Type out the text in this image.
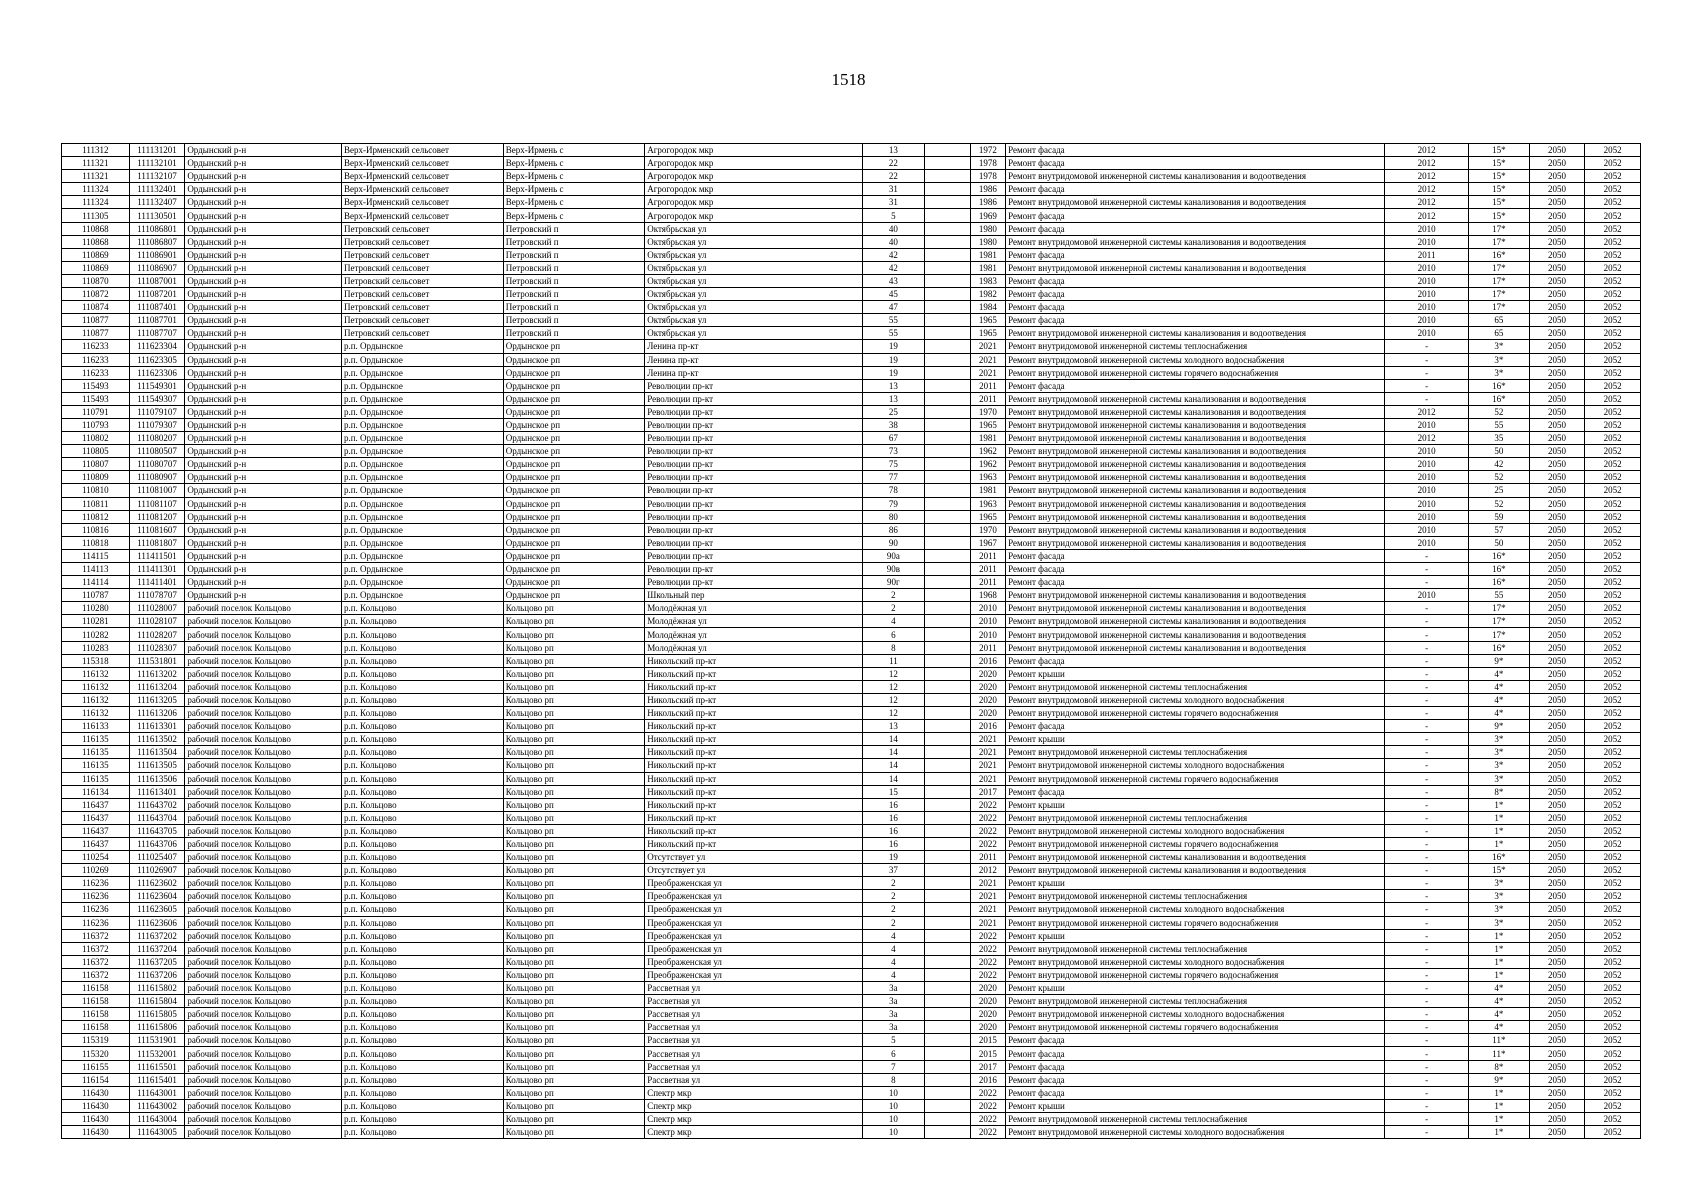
1518
111312	111131201	Ордынский р-н	Верх-Ирменский сельсовет	Верх-Ирмень с	Агрогородок мкр	13		1972	Ремонт фасада	2012	15*	2050	2052
111321	111132101	Ордынский р-н	Верх-Ирменский сельсовет	Верх-Ирмень с	Агрогородок мкр	22		1978	Ремонт фасада	2012	15*	2050	2052
111321	111132107	Ордынский р-н	Верх-Ирменский сельсовет	Верх-Ирмень с	Агрогородок мкр	22		1978	Ремонт внутридомовой инженерной системы канализования и водоотведения	2012	15*	2050	2052
111324	111132401	Ордынский р-н	Верх-Ирменский сельсовет	Верх-Ирмень с	Агрогородок мкр	31		1986	Ремонт фасада	2012	15*	2050	2052
111324	111132407	Ордынский р-н	Верх-Ирменский сельсовет	Верх-Ирмень с	Агрогородок мкр	31		1986	Ремонт внутридомовой инженерной системы канализования и водоотведения	2012	15*	2050	2052
111305	111130501	Ордынский р-н	Верх-Ирменский сельсовет	Верх-Ирмень с	Агрогородок мкр	5		1969	Ремонт фасада	2012	15*	2050	2052
110868	111086801	Ордынский р-н	Петровский сельсовет	Петровский п	Октябрьская ул	40		1980	Ремонт фасада	2010	17*	2050	2052
110868	111086807	Ордынский р-н	Петровский сельсовет	Петровский п	Октябрьская ул	40		1980	Ремонт внутридомовой инженерной системы канализования и водоотведения	2010	17*	2050	2052
110869	111086901	Ордынский р-н	Петровский сельсовет	Петровский п	Октябрьская ул	42		1981	Ремонт фасада	2011	16*	2050	2052
110869	111086907	Ордынский р-н	Петровский сельсовет	Петровский п	Октябрьская ул	42		1981	Ремонт внутридомовой инженерной системы канализования и водоотведения	2010	17*	2050	2052
110870	111087001	Ордынский р-н	Петровский сельсовет	Петровский п	Октябрьская ул	43		1983	Ремонт фасада	2010	17*	2050	2052
110872	111087201	Ордынский р-н	Петровский сельсовет	Петровский п	Октябрьская ул	45		1982	Ремонт фасада	2010	17*	2050	2052
110874	111087401	Ордынский р-н	Петровский сельсовет	Петровский п	Октябрьская ул	47		1984	Ремонт фасада	2010	17*	2050	2052
110877	111087701	Ордынский р-н	Петровский сельсовет	Петровский п	Октябрьская ул	55		1965	Ремонт фасада	2010	65	2050	2052
110877	111087707	Ордынский р-н	Петровский сельсовет	Петровский п	Октябрьская ул	55		1965	Ремонт внутридомовой инженерной системы канализования и водоотведения	2010	65	2050	2052
116233	111623304	Ордынский р-н	р.п. Ордынское	Ордынское рп	Ленина пр-кт	19		2021	Ремонт внутридомовой инженерной системы теплоснабжения	-	3*	2050	2052
116233	111623305	Ордынский р-н	р.п. Ордынское	Ордынское рп	Ленина пр-кт	19		2021	Ремонт внутридомовой инженерной системы холодного водоснабжения	-	3*	2050	2052
116233	111623306	Ордынский р-н	р.п. Ордынское	Ордынское рп	Ленина пр-кт	19		2021	Ремонт внутридомовой инженерной системы горячего водоснабжения	-	3*	2050	2052
115493	111549301	Ордынский р-н	р.п. Ордынское	Ордынское рп	Революции пр-кт	13		2011	Ремонт фасада	-	16*	2050	2052
115493	111549307	Ордынский р-н	р.п. Ордынское	Ордынское рп	Революции пр-кт	13		2011	Ремонт внутридомовой инженерной системы канализования и водоотведения	-	16*	2050	2052
110791	111079107	Ордынский р-н	р.п. Ордынское	Ордынское рп	Революции пр-кт	25		1970	Ремонт внутридомовой инженерной системы канализования и водоотведения	2012	52	2050	2052
110793	111079307	Ордынский р-н	р.п. Ордынское	Ордынское рп	Революции пр-кт	38		1965	Ремонт внутридомовой инженерной системы канализования и водоотведения	2010	55	2050	2052
110802	111080207	Ордынский р-н	р.п. Ордынское	Ордынское рп	Революции пр-кт	67		1981	Ремонт внутридомовой инженерной системы канализования и водоотведения	2012	35	2050	2052
110805	111080507	Ордынский р-н	р.п. Ордынское	Ордынское рп	Революции пр-кт	73		1962	Ремонт внутридомовой инженерной системы канализования и водоотведения	2010	50	2050	2052
110807	111080707	Ордынский р-н	р.п. Ордынское	Ордынское рп	Революции пр-кт	75		1962	Ремонт внутридомовой инженерной системы канализования и водоотведения	2010	42	2050	2052
110809	111080907	Ордынский р-н	р.п. Ордынское	Ордынское рп	Революции пр-кт	77		1963	Ремонт внутридомовой инженерной системы канализования и водоотведения	2010	52	2050	2052
110810	111081007	Ордынский р-н	р.п. Ордынское	Ордынское рп	Революции пр-кт	78		1981	Ремонт внутридомовой инженерной системы канализования и водоотведения	2010	25	2050	2052
110811	111081107	Ордынский р-н	р.п. Ордынское	Ордынское рп	Революции пр-кт	79		1963	Ремонт внутридомовой инженерной системы канализования и водоотведения	2010	52	2050	2052
110812	111081207	Ордынский р-н	р.п. Ордынское	Ордынское рп	Революции пр-кт	80		1965	Ремонт внутридомовой инженерной системы канализования и водоотведения	2010	59	2050	2052
110816	111081607	Ордынский р-н	р.п. Ордынское	Ордынское рп	Революции пр-кт	86		1970	Ремонт внутридомовой инженерной системы канализования и водоотведения	2010	57	2050	2052
110818	111081807	Ордынский р-н	р.п. Ордынское	Ордынское рп	Революции пр-кт	90		1967	Ремонт внутридомовой инженерной системы канализования и водоотведения	2010	50	2050	2052
114115	111411501	Ордынский р-н	р.п. Ордынское	Ордынское рп	Революции пр-кт	90а		2011	Ремонт фасада	-	16*	2050	2052
114113	111411301	Ордынский р-н	р.п. Ордынское	Ордынское рп	Революции пр-кт	90в		2011	Ремонт фасада	-	16*	2050	2052
114114	111411401	Ордынский р-н	р.п. Ордынское	Ордынское рп	Революции пр-кт	90г		2011	Ремонт фасада	-	16*	2050	2052
110787	111078707	Ордынский р-н	р.п. Ордынское	Ордынское рп	Школьный пер	2		1968	Ремонт внутридомовой инженерной системы канализования и водоотведения	2010	55	2050	2052
110280	111028007	рабочий поселок Кольцово	р.п. Кольцово	Кольцово рп	Молодёжная ул	2		2010	Ремонт внутридомовой инженерной системы канализования и водоотведения	-	17*	2050	2052
110281	111028107	рабочий поселок Кольцово	р.п. Кольцово	Кольцово рп	Молодёжная ул	4		2010	Ремонт внутридомовой инженерной системы канализования и водоотведения	-	17*	2050	2052
110282	111028207	рабочий поселок Кольцово	р.п. Кольцово	Кольцово рп	Молодёжная ул	6		2010	Ремонт внутридомовой инженерной системы канализования и водоотведения	-	17*	2050	2052
110283	111028307	рабочий поселок Кольцово	р.п. Кольцово	Кольцово рп	Молодёжная ул	8		2011	Ремонт внутридомовой инженерной системы канализования и водоотведения	-	16*	2050	2052
115318	111531801	рабочий поселок Кольцово	р.п. Кольцово	Кольцово рп	Никольский пр-кт	11		2016	Ремонт фасада	-	9*	2050	2052
116132	111613202	рабочий поселок Кольцово	р.п. Кольцово	Кольцово рп	Никольский пр-кт	12		2020	Ремонт крыши	-	4*	2050	2052
116132	111613204	рабочий поселок Кольцово	р.п. Кольцово	Кольцово рп	Никольский пр-кт	12		2020	Ремонт внутридомовой инженерной системы теплоснабжения	-	4*	2050	2052
116132	111613205	рабочий поселок Кольцово	р.п. Кольцово	Кольцово рп	Никольский пр-кт	12		2020	Ремонт внутридомовой инженерной системы холодного водоснабжения	-	4*	2050	2052
116132	111613206	рабочий поселок Кольцово	р.п. Кольцово	Кольцово рп	Никольский пр-кт	12		2020	Ремонт внутридомовой инженерной системы горячего водоснабжения	-	4*	2050	2052
116133	111613301	рабочий поселок Кольцово	р.п. Кольцово	Кольцово рп	Никольский пр-кт	13		2016	Ремонт фасада	-	9*	2050	2052
116135	111613502	рабочий поселок Кольцово	р.п. Кольцово	Кольцово рп	Никольский пр-кт	14		2021	Ремонт крыши	-	3*	2050	2052
116135	111613504	рабочий поселок Кольцово	р.п. Кольцово	Кольцово рп	Никольский пр-кт	14		2021	Ремонт внутридомовой инженерной системы теплоснабжения	-	3*	2050	2052
116135	111613505	рабочий поселок Кольцово	р.п. Кольцово	Кольцово рп	Никольский пр-кт	14		2021	Ремонт внутридомовой инженерной системы холодного водоснабжения	-	3*	2050	2052
116135	111613506	рабочий поселок Кольцово	р.п. Кольцово	Кольцово рп	Никольский пр-кт	14		2021	Ремонт внутридомовой инженерной системы горячего водоснабжения	-	3*	2050	2052
116134	111613401	рабочий поселок Кольцово	р.п. Кольцово	Кольцово рп	Никольский пр-кт	15		2017	Ремонт фасада	-	8*	2050	2052
116437	111643702	рабочий поселок Кольцово	р.п. Кольцово	Кольцово рп	Никольский пр-кт	16		2022	Ремонт крыши	-	1*	2050	2052
116437	111643704	рабочий поселок Кольцово	р.п. Кольцово	Кольцово рп	Никольский пр-кт	16		2022	Ремонт внутридомовой инженерной системы теплоснабжения	-	1*	2050	2052
116437	111643705	рабочий поселок Кольцово	р.п. Кольцово	Кольцово рп	Никольский пр-кт	16		2022	Ремонт внутридомовой инженерной системы холодного водоснабжения	-	1*	2050	2052
116437	111643706	рабочий поселок Кольцово	р.п. Кольцово	Кольцово рп	Никольский пр-кт	16		2022	Ремонт внутридомовой инженерной системы горячего водоснабжения	-	1*	2050	2052
110254	111025407	рабочий поселок Кольцово	р.п. Кольцово	Кольцово рп	Отсутствует ул	19		2011	Ремонт внутридомовой инженерной системы канализования и водоотведения	-	16*	2050	2052
110269	111026907	рабочий поселок Кольцово	р.п. Кольцово	Кольцово рп	Отсутствует ул	37		2012	Ремонт внутридомовой инженерной системы канализования и водоотведения	-	15*	2050	2052
116236	111623602	рабочий поселок Кольцово	р.п. Кольцово	Кольцово рп	Преображенская ул	2		2021	Ремонт крыши	-	3*	2050	2052
116236	111623604	рабочий поселок Кольцово	р.п. Кольцово	Кольцово рп	Преображенская ул	2		2021	Ремонт внутридомовой инженерной системы теплоснабжения	-	3*	2050	2052
116236	111623605	рабочий поселок Кольцово	р.п. Кольцово	Кольцово рп	Преображенская ул	2		2021	Ремонт внутридомовой инженерной системы холодного водоснабжения	-	3*	2050	2052
116236	111623606	рабочий поселок Кольцово	р.п. Кольцово	Кольцово рп	Преображенская ул	2		2021	Ремонт внутридомовой инженерной системы горячего водоснабжения	-	3*	2050	2052
116372	111637202	рабочий поселок Кольцово	р.п. Кольцово	Кольцово рп	Преображенская ул	4		2022	Ремонт крыши	-	1*	2050	2052
116372	111637204	рабочий поселок Кольцово	р.п. Кольцово	Кольцово рп	Преображенская ул	4		2022	Ремонт внутридомовой инженерной системы теплоснабжения	-	1*	2050	2052
116372	111637205	рабочий поселок Кольцово	р.п. Кольцово	Кольцово рп	Преображенская ул	4		2022	Ремонт внутридомовой инженерной системы холодного водоснабжения	-	1*	2050	2052
116372	111637206	рабочий поселок Кольцово	р.п. Кольцово	Кольцово рп	Преображенская ул	4		2022	Ремонт внутридомовой инженерной системы горячего водоснабжения	-	1*	2050	2052
116158	111615802	рабочий поселок Кольцово	р.п. Кольцово	Кольцово рп	Рассветная ул	3а		2020	Ремонт крыши	-	4*	2050	2052
116158	111615804	рабочий поселок Кольцово	р.п. Кольцово	Кольцово рп	Рассветная ул	3а		2020	Ремонт внутридомовой инженерной системы теплоснабжения	-	4*	2050	2052
116158	111615805	рабочий поселок Кольцово	р.п. Кольцово	Кольцово рп	Рассветная ул	3а		2020	Ремонт внутридомовой инженерной системы холодного водоснабжения	-	4*	2050	2052
116158	111615806	рабочий поселок Кольцово	р.п. Кольцово	Кольцово рп	Рассветная ул	3а		2020	Ремонт внутридомовой инженерной системы горячего водоснабжения	-	4*	2050	2052
115319	111531901	рабочий поселок Кольцово	р.п. Кольцово	Кольцово рп	Рассветная ул	5		2015	Ремонт фасада	-	11*	2050	2052
115320	111532001	рабочий поселок Кольцово	р.п. Кольцово	Кольцово рп	Рассветная ул	6		2015	Ремонт фасада	-	11*	2050	2052
116155	111615501	рабочий поселок Кольцово	р.п. Кольцово	Кольцово рп	Рассветная ул	7		2017	Ремонт фасада	-	8*	2050	2052
116154	111615401	рабочий поселок Кольцово	р.п. Кольцово	Кольцово рп	Рассветная ул	8		2016	Ремонт фасада	-	9*	2050	2052
116430	111643001	рабочий поселок Кольцово	р.п. Кольцово	Кольцово рп	Спектр мкр	10		2022	Ремонт фасада	-	1*	2050	2052
116430	111643002	рабочий поселок Кольцово	р.п. Кольцово	Кольцово рп	Спектр мкр	10		2022	Ремонт крыши	-	1*	2050	2052
116430	111643004	рабочий поселок Кольцово	р.п. Кольцово	Кольцово рп	Спектр мкр	10		2022	Ремонт внутридомовой инженерной системы теплоснабжения	-	1*	2050	2052
116430	111643005	рабочий поселок Кольцово	р.п. Кольцово	Кольцово рп	Спектр мкр	10		2022	Ремонт внутридомовой инженерной системы холодного водоснабжения	-	1*	2050	2052
